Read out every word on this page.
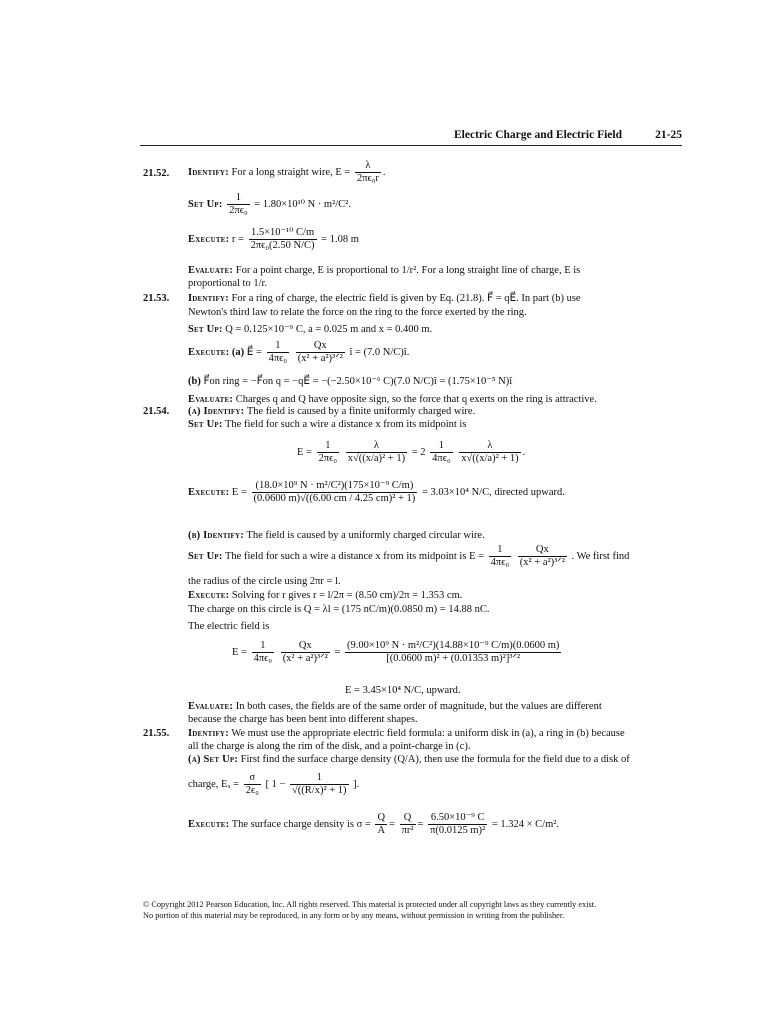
Electric Charge and Electric Field	21-25
21.52. Identify: For a long straight wire, $E = \frac{\lambda}{\text{2πϵ₀r}}$ .
Set Up: $\frac{1}{\text{2πϵ₀}} = 1.80\times 10^{10}$ N · m²/C².
Execute: $r = \frac{\text{1.5×10⁻¹⁰ C/m}}{\text{2πϵ₀(2.50 N/C)}} = 1.08$ m
Evaluate: For a point charge, E is proportional to 1/r². For a long straight line of charge, E is
proportional to 1/r.
21.53. Identify: For a ring of charge, the electric field is given by Eq. (21.8). F⃗ = qE⃗. In part (b) use
Newton's third law to relate the force on the ring to the force exerted by the ring.
Set Up: Q = 0.125×10⁻⁹ C, a = 0.025 m and x = 0.400 m.
Execute: (a) E⃗ = $\frac{1}{\text{4πϵ₀}}$
$\frac{Qx}{\text{(x² + a²)³ᐟ²}}$ î = (7.0 N/C)î.
(b) F⃗on ring = −F⃗on q = −qE⃗ = −(−2.50×10⁻⁶ C)(7.0 N/C)î = (1.75×10⁻⁵ N)î
Evaluate: Charges q and Q have opposite sign, so the force that q exerts on the ring is attractive.
21.54. (a) Identify: The field is caused by a finite uniformly charged wire.
Set Up: The field for such a wire a distance x from its midpoint is
$E = \frac{1}{\text{2πϵ₀}}$
$\frac{\lambda}{\text{x√((x/a)² + 1)}} = 2 \frac{1}{\text{4πϵ₀}}$
$\frac{\lambda}{\text{x√((x/a)² + 1)}}$ .
Execute: $E = \frac{\text{(18.0×10⁹ N · m²/C²)(175×10⁻⁹ C/m)}}{\text{(0.0600 m)√((6.00 cm / 4.25 cm)² + 1)}} = 3.03\times 10^4$ N/C, directed upward.
(b) Identify: The field is caused by a uniformly charged circular wire.
Set Up: The field for such a wire a distance x from its midpoint is $E = \frac{1}{\text{4πϵ₀}}$
$\frac{Qx}{\text{(x² + a²)³ᐟ²}}$ . We first find
the radius of the circle using 2πr = l.
Execute: Solving for r gives r = l/2π = (8.50 cm)/2π = 1.353 cm.
The charge on this circle is Q = λl = (175 nC/m)(0.0850 m) = 14.88 nC.
The electric field is
$E = \frac{1}{\text{4πϵ₀}}$
$\frac{Qx}{\text{(x² + a²)³ᐟ²}} = \frac{\text{(9.00×10⁹ N · m²/C²)(14.88×10⁻⁹ C/m)(0.0600 m)}}{\text{[(0.0600 m)² + (0.01353 m)²]³ᐟ²}}$
E = 3.45×10⁴ N/C, upward.
Evaluate: In both cases, the fields are of the same order of magnitude, but the values are different
because the charge has been bent into different shapes.
21.55. Identify: We must use the appropriate electric field formula: a uniform disk in (a), a ring in (b) because
all the charge is along the rim of the disk, and a point-charge in (c).
(a) Set Up: First find the surface charge density (Q/A), then use the formula for the field due to a disk of
charge, $E_x = \frac{\sigma}{\text{2ϵ₀}}$ [ $1 - \frac{1}{\text{√((R/x)² + 1)}}$ ].
Execute: The surface charge density is $\sigma = \frac{Q}{A} = \frac{Q}{\text{πr²}} = \frac{\text{6.50×10⁻⁹ C}}{\text{π(0.0125 m)²}} = 1.324 \times C/m^2$.
© Copyright 2012 Pearson Education, Inc. All rights reserved. This material is protected under all copyright laws as they currently exist.
No portion of this material may be reproduced, in any form or by any means, without permission in writing from the publisher.
